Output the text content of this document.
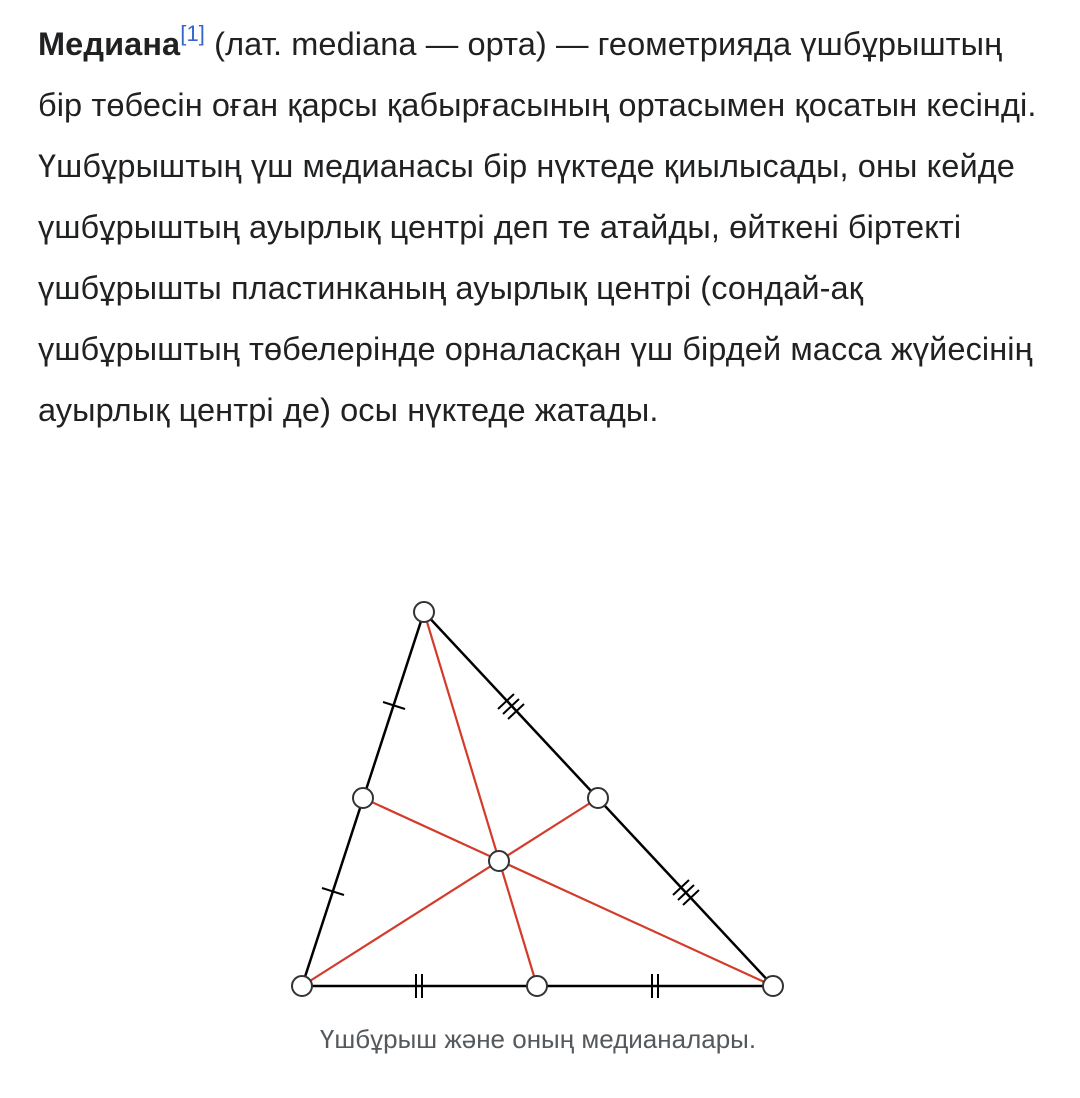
Медиана[1] (лат. mediana — орта) — геометрияда үшбұрыштың бір төбесін оған қарсы қабырғасының ортасымен қосатын кесінді. Үшбұрыштың үш медианасы бір нүктеде қиылысады, оны кейде үшбұрыштың ауырлық центрі деп те атайды, өйткені біртекті үшбұрышты пластинканың ауырлық центрі (сондай-ақ үшбұрыштың төбелерінде орналасқан үш бірдей масса жүйесінің ауырлық центрі де) осы нүктеде жатады.

Үшбұрыш және оның медианалары.
